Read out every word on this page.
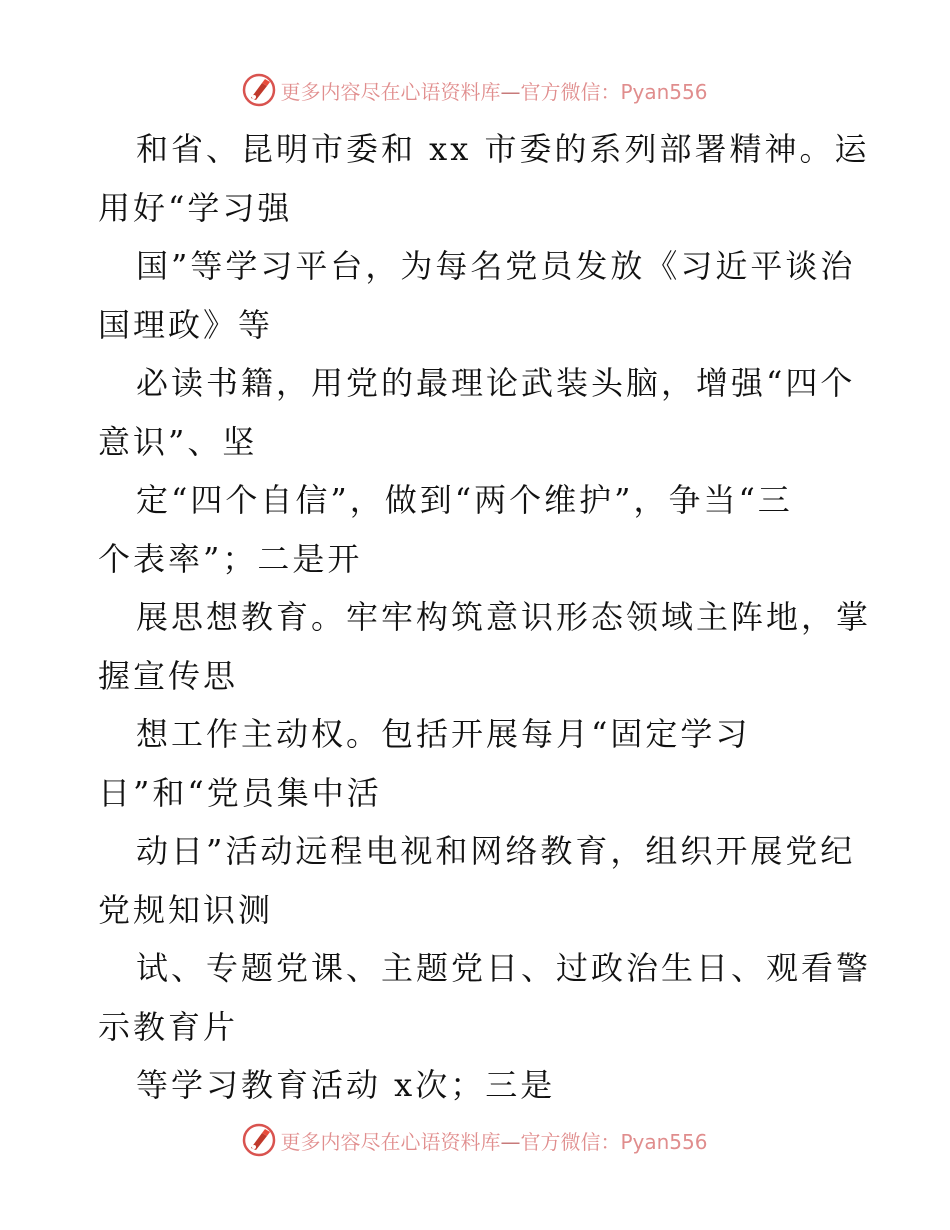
更多内容尽在心语资料库—官方微信：Pyan556
和省、昆明市委和 xx 市委的系列部署精神。运
用好“学习强
国”等学习平台，为每名党员发放《习近平谈治
国理政》等
必读书籍，用党的最理论武装头脑，增强“四个
意识”、坚
定“四个自信”，做到“两个维护”，争当“三
个表率”；二是开
展思想教育。牢牢构筑意识形态领域主阵地，掌
握宣传思
想工作主动权。包括开展每月“固定学习
日”和“党员集中活
动日”活动远程电视和网络教育，组织开展党纪
党规知识测
试、专题党课、主题党日、过政治生日、观看警
示教育片
等学习教育活动 x次；三是
更多内容尽在心语资料库—官方微信：Pyan556
